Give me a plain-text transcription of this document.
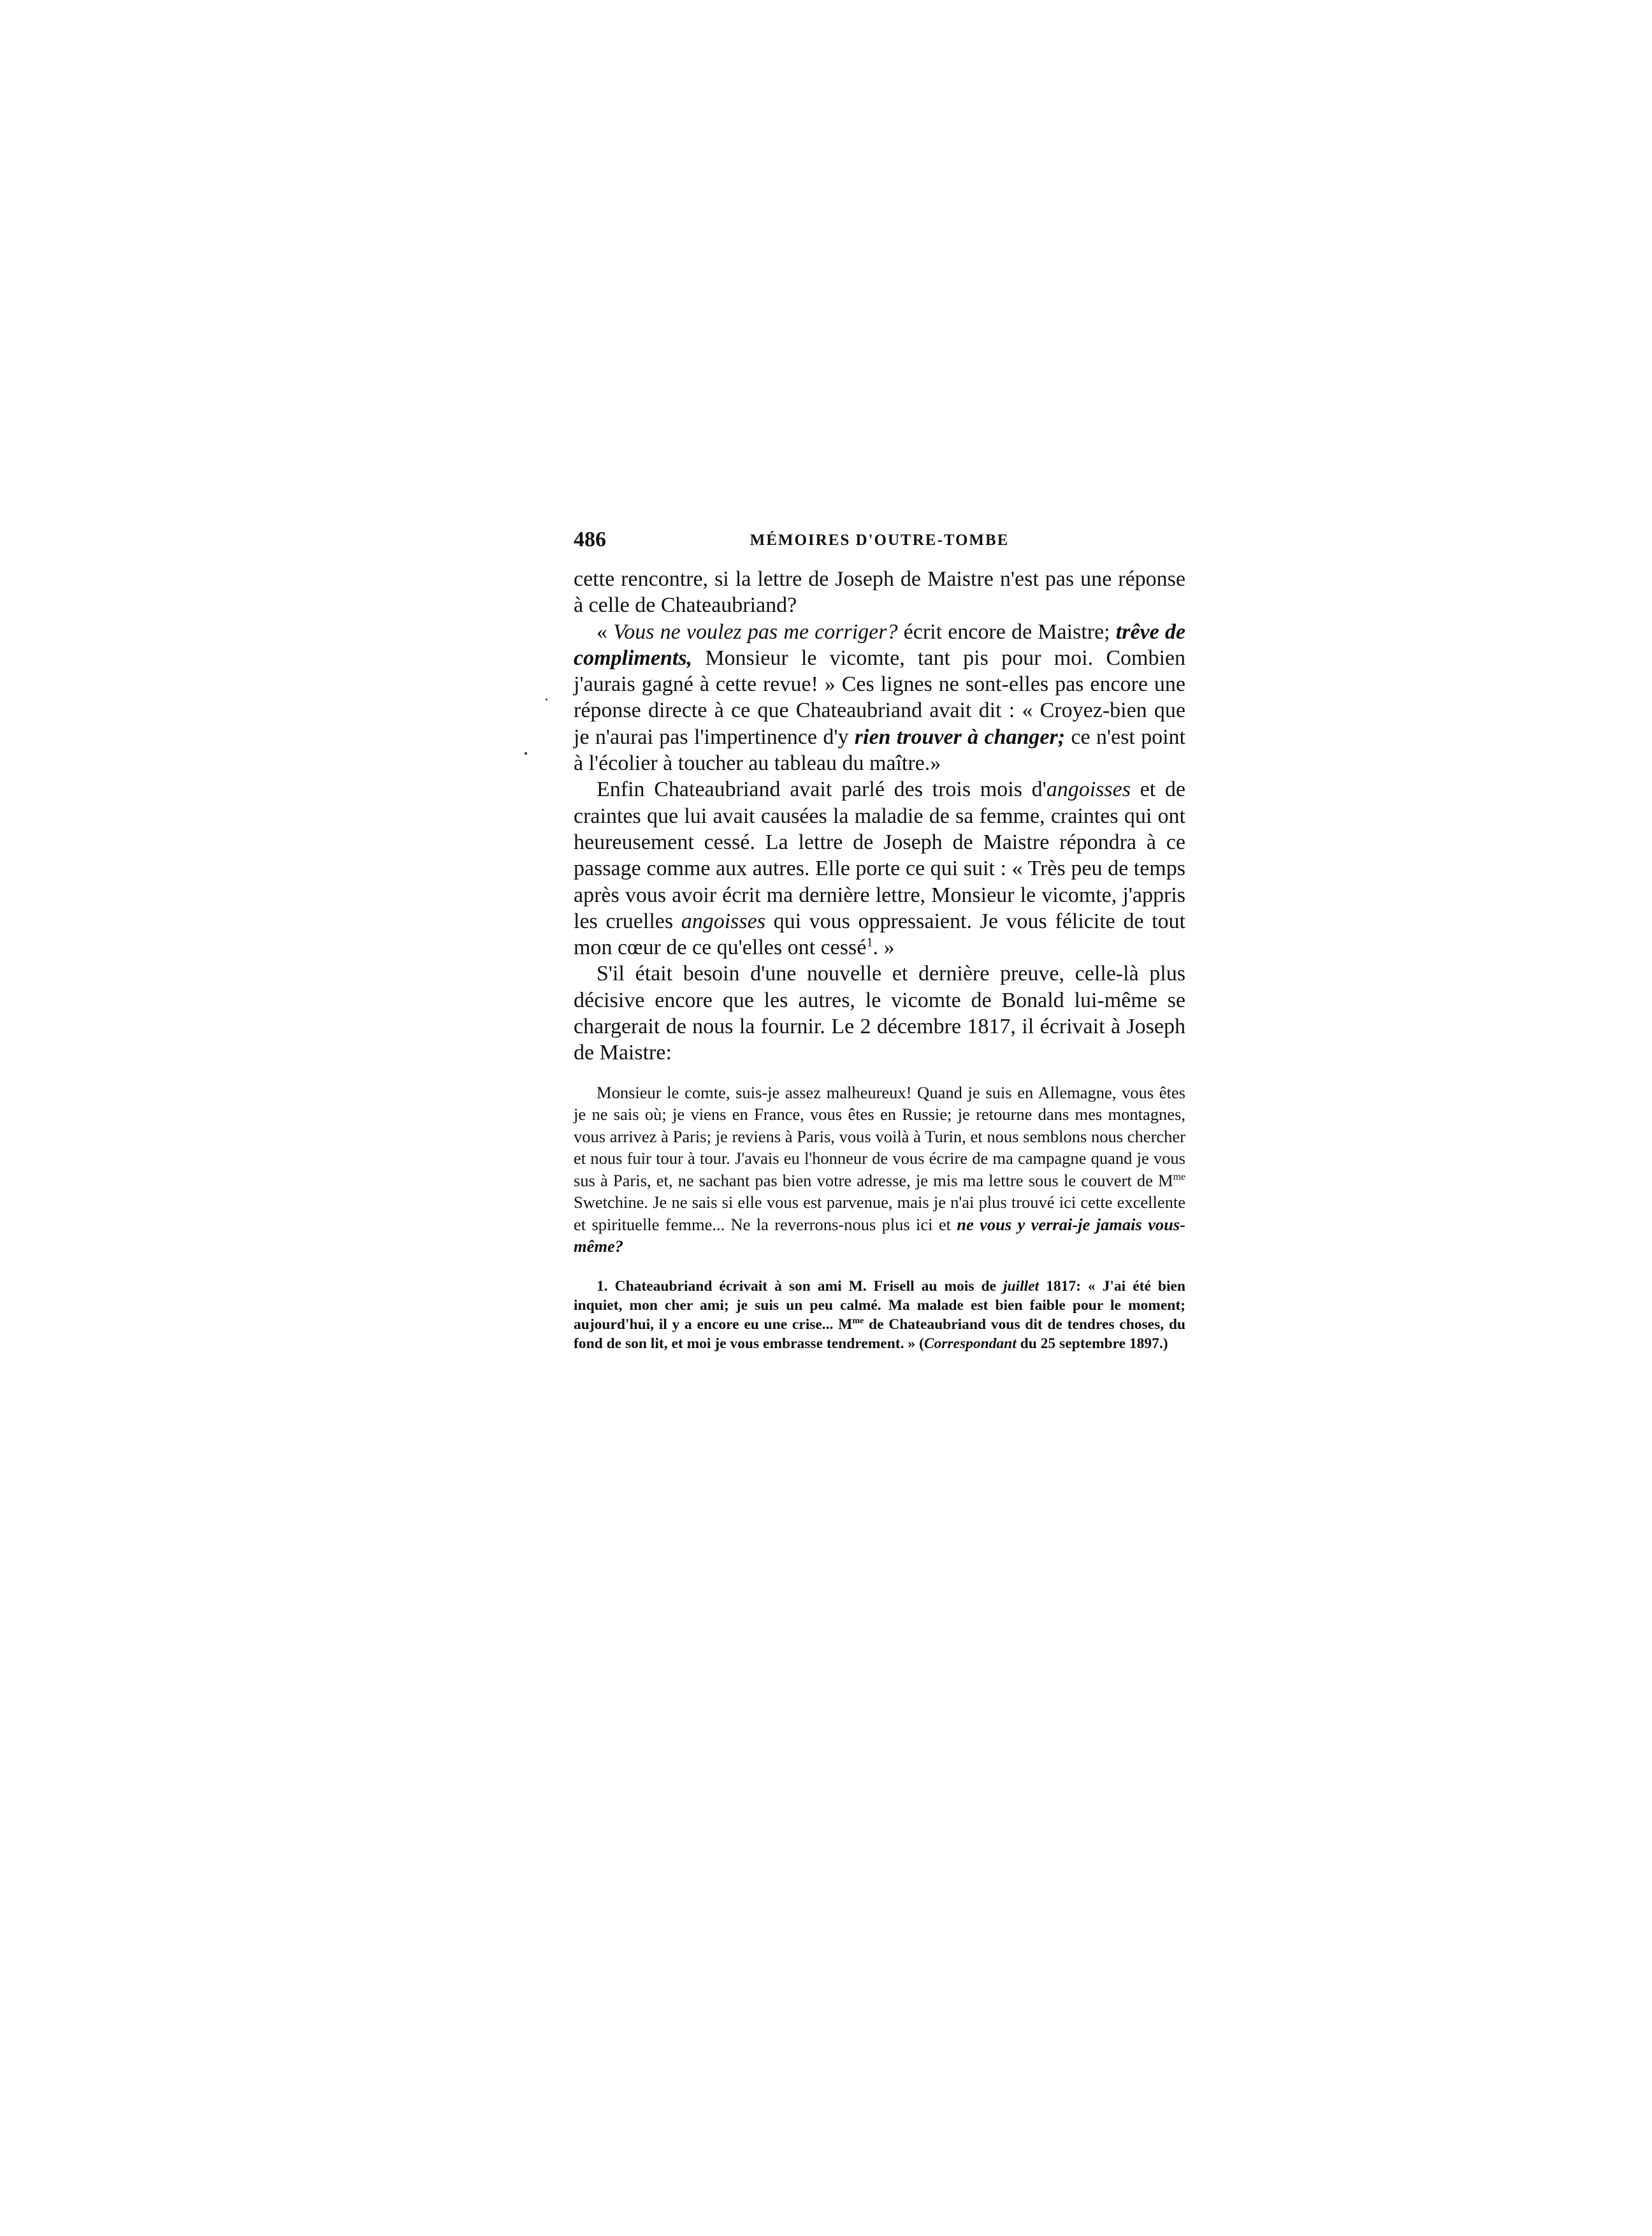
486	MÉMOIRES D'OUTRE-TOMBE

cette rencontre, si la lettre de Joseph de Maistre n'est pas une réponse à celle de Chateaubriand?

« Vous ne voulez pas me corriger? écrit encore de Maistre; trêve de compliments, Monsieur le vicomte, tant pis pour moi. Combien j'aurais gagné à cette revue! » Ces lignes ne sont-elles pas encore une réponse directe à ce que Chateaubriand avait dit : « Croyez-bien que je n'aurai pas l'impertinence d'y rien trouver à changer; ce n'est point à l'écolier à toucher au tableau du maître.»

Enfin Chateaubriand avait parlé des trois mois d'angoisses et de craintes que lui avait causées la maladie de sa femme, craintes qui ont heureusement cessé. La lettre de Joseph de Maistre répondra à ce passage comme aux autres. Elle porte ce qui suit : « Très peu de temps après vous avoir écrit ma dernière lettre, Monsieur le vicomte, j'appris les cruelles angoisses qui vous oppressaient. Je vous félicite de tout mon cœur de ce qu'elles ont cessé$^1$. »

S'il était besoin d'une nouvelle et dernière preuve, celle-là plus décisive encore que les autres, le vicomte de Bonald lui-même se chargerait de nous la fournir. Le 2 décembre 1817, il écrivait à Joseph de Maistre:

Monsieur le comte, suis-je assez malheureux! Quand je suis en Allemagne, vous êtes je ne sais où; je viens en France, vous êtes en Russie; je retourne dans mes montagnes, vous arrivez à Paris; je reviens à Paris, vous voilà à Turin, et nous semblons nous chercher et nous fuir tour à tour. J'avais eu l'honneur de vous écrire de ma campagne quand je vous sus à Paris, et, ne sachant pas bien votre adresse, je mis ma lettre sous le couvert de $M^{me}$ Swetchine. Je ne sais si elle vous est parvenue, mais je n'ai plus trouvé ici cette excellente et spirituelle femme... Ne la reverrons-nous plus ici et ne vous y verrai-je jamais vous-même?
1. Chateaubriand écrivait à son ami M. Frisell au mois de juillet 1817: « J'ai été bien inquiet, mon cher ami; je suis un peu calmé. Ma malade est bien faible pour le moment; aujourd'hui, il y a encore eu une crise... $M^{me}$ de Chateaubriand vous dit de tendres choses, du fond de son lit, et moi je vous embrasse tendrement. » (Correspondant du 25 septembre 1897.)
